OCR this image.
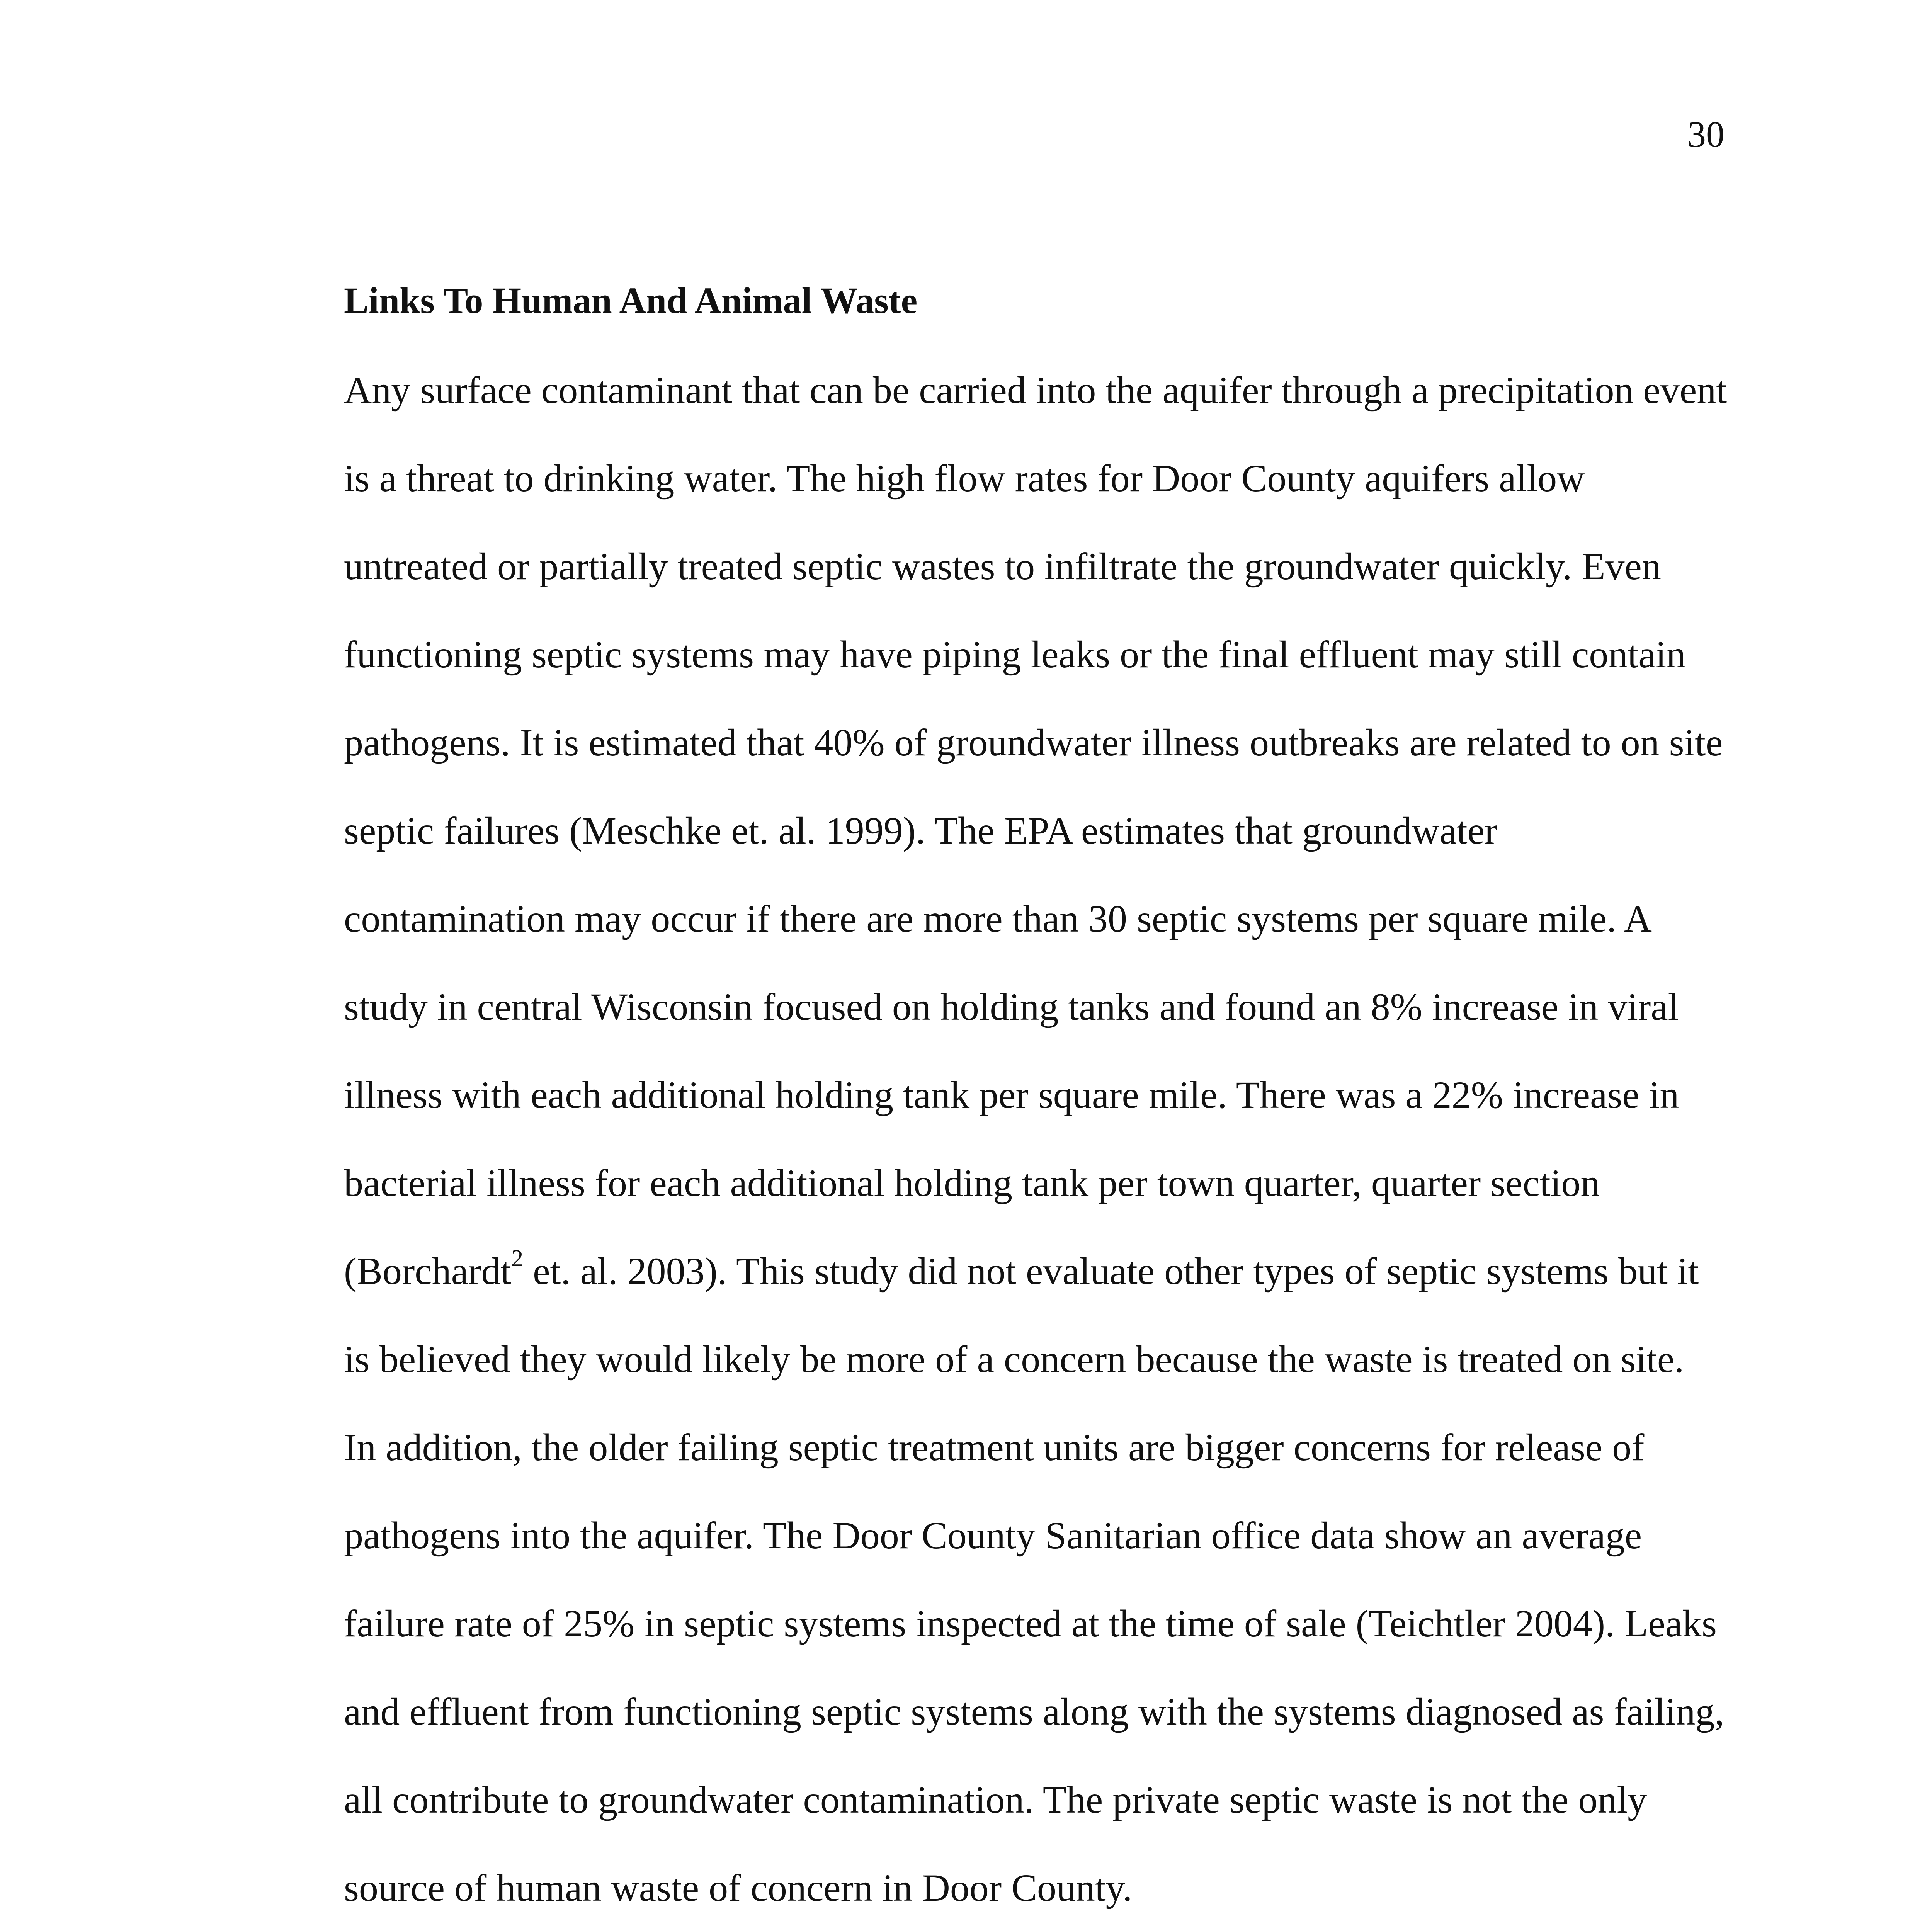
30
Links To Human And Animal Waste
Any surface contaminant that can be carried into the aquifer through a precipitation event
is a threat to drinking water. The high flow rates for Door County aquifers allow
untreated or partially treated septic wastes to infiltrate the groundwater quickly. Even
functioning septic systems may have piping leaks or the final effluent may still contain
pathogens. It is estimated that 40% of groundwater illness outbreaks are related to on site
septic failures (Meschke et. al. 1999). The EPA estimates that groundwater
contamination may occur if there are more than 30 septic systems per square mile. A
study in central Wisconsin focused on holding tanks and found an 8% increase in viral
illness with each additional holding tank per square mile. There was a 22% increase in
bacterial illness for each additional holding tank per town quarter, quarter section
(Borchardt$^2$ et. al. 2003). This study did not evaluate other types of septic systems but it
is believed they would likely be more of a concern because the waste is treated on site.
In addition, the older failing septic treatment units are bigger concerns for release of
pathogens into the aquifer. The Door County Sanitarian office data show an average
failure rate of 25% in septic systems inspected at the time of sale (Teichtler 2004). Leaks
and effluent from functioning septic systems along with the systems diagnosed as failing,
all contribute to groundwater contamination. The private septic waste is not the only
source of human waste of concern in Door County.
